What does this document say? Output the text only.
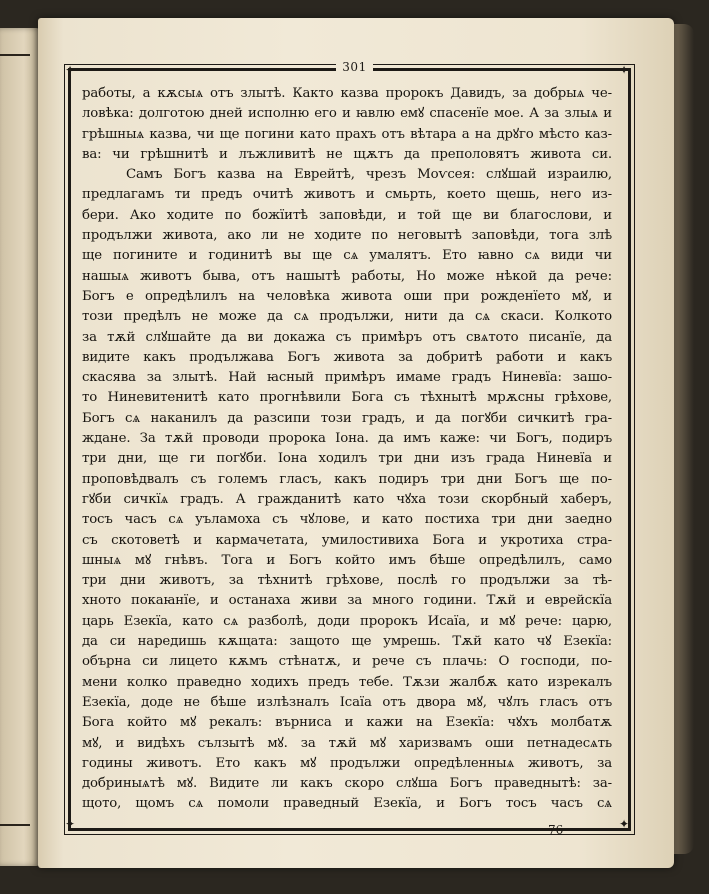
✦	✦
✦	✦
301
работы, а кѫсыѧ отъ злытѣ. Както казва пророкъ Давидъ, за добрыѧ че-
ловѣка: долготою дней исполню его и ꙗвлю емꙋ спасенїе мое. А за злыѧ и
грѣшныѧ казва, чи ще погини като прахъ отъ вѣтара а на дрꙋго мѣсто каз-
ва: чи грѣшнитѣ и лъжливитѣ не щѫтъ да преполовятъ живота си.
Самъ Богъ казва на Еврейтѣ, чрезъ Моѵсея: слꙋшай израилю,
предлагамъ ти предъ очитѣ животъ и смьрть, което щешь, него из-
бери. Ако ходите по божїитѣ заповѣди, и той ще ви благослови, и
продължи живота, ако ли не ходите по неговытѣ заповѣди, тога злѣ
ще погините и годинитѣ вы ще сѧ умалятъ. Ето ꙗвно сѧ види чи
нашыѧ животъ быва, отъ нашытѣ работы, Но може нѣкой да рече:
Богъ е опредѣлилъ на человѣка живота оши при рожденїето мꙋ, и
този предѣлъ не може да сѧ продължи, нити да сѧ скаси. Колкото
за тѫй слꙋшайте да ви докажа съ примѣръ отъ свѧтото писанїе, да
видите какъ продължава Богъ живота за добритѣ работи и какъ
скасява за злытѣ. Най ꙗсный примѣръ имаме градъ Ниневїа: зашо-
то Ниневитенитѣ като прогнѣвили Бога съ тѣхнытѣ мрѫсны грѣхове,
Богъ сѧ наканилъ да разсипи този градъ, и да погꙋби сичкитѣ гра-
ждане. За тѫй проводи пророка Iона. да имъ каже: чи Богъ, подиръ
три дни, ще ги погꙋби. Iона ходилъ три дни изъ града Ниневїа и
проповѣдвалъ съ големъ гласъ, какъ подиръ три дни Богъ ще по-
гꙋби сичкїѧ градъ. А гражданитѣ като чꙋха този скорбный хаберъ,
тосъ часъ сѧ уъламоха съ чꙋлове, и като постиха три дни заедно
съ скотоветѣ и кармачетата, умилостивиха Бога и укротиха стра-
шныѧ мꙋ гнѣвъ. Тога и Богъ който имъ бѣше опредѣлилъ, само
три дни животъ, за тѣхнитѣ грѣхове, послѣ го продължи за тѣ-
хното покаꙗнїе, и останаха живи за много години. Тѫй и еврейскїа
царь Езекїа, като сѧ разболѣ, доди пророкъ Исаїа, и мꙋ рече: царю,
да си наредишь кѫщата: защото ще умрешь. Тѫй като чꙋ Езекїа:
обърна си лицето кѫмъ стѣнатѫ, и рече съ плачь: О господи, по-
мени колко праведно ходихъ предъ тебе. Тѫзи жалбѫ като изрекалъ
Езекїа, доде не бѣше излѣзналъ Iсаїа отъ двора мꙋ, чꙋлъ гласъ отъ
Бога който мꙋ рекалъ: върниса и кажи на Езекїа: чꙋхъ молбатѫ
мꙋ, и видѣхъ сълзытѣ мꙋ. за тѫй мꙋ харизвамъ оши петнадесѧть
годины животъ. Ето какъ мꙋ продължи опредѣленныѧ животъ, за
добриныѧтѣ мꙋ. Видите ли какъ скоро слꙋша Богъ праведнытѣ: за-
щото, щомъ сѧ помоли праведный Езекїа, и Богъ тосъ часъ сѧ
76
